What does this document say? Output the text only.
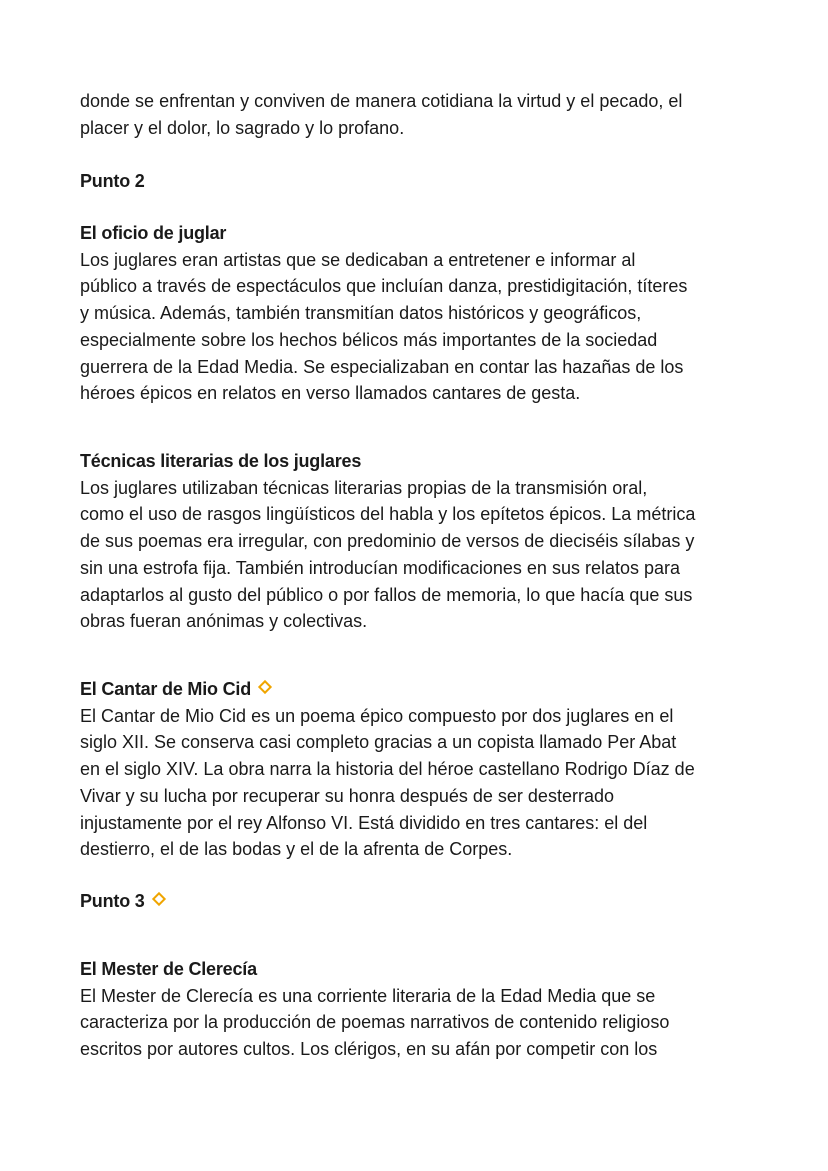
donde se enfrentan y conviven de manera cotidiana la virtud y el pecado, el
placer y el dolor, lo sagrado y lo profano.
Punto 2
El oficio de juglar
Los juglares eran artistas que se dedicaban a entretener e informar al
público a través de espectáculos que incluían danza, prestidigitación, títeres
y música. Además, también transmitían datos históricos y geográficos,
especialmente sobre los hechos bélicos más importantes de la sociedad
guerrera de la Edad Media. Se especializaban en contar las hazañas de los
héroes épicos en relatos en verso llamados cantares de gesta.
Técnicas literarias de los juglares
Los juglares utilizaban técnicas literarias propias de la transmisión oral,
como el uso de rasgos lingüísticos del habla y los epítetos épicos. La métrica
de sus poemas era irregular, con predominio de versos de dieciséis sílabas y
sin una estrofa fija. También introducían modificaciones en sus relatos para
adaptarlos al gusto del público o por fallos de memoria, lo que hacía que sus
obras fueran anónimas y colectivas.
El Cantar de Mio Cid
El Cantar de Mio Cid es un poema épico compuesto por dos juglares en el
siglo XII. Se conserva casi completo gracias a un copista llamado Per Abat
en el siglo XIV. La obra narra la historia del héroe castellano Rodrigo Díaz de
Vivar y su lucha por recuperar su honra después de ser desterrado
injustamente por el rey Alfonso VI. Está dividido en tres cantares: el del
destierro, el de las bodas y el de la afrenta de Corpes.
Punto 3
El Mester de Clerecía
El Mester de Clerecía es una corriente literaria de la Edad Media que se
caracteriza por la producción de poemas narrativos de contenido religioso
escritos por autores cultos. Los clérigos, en su afán por competir con los
